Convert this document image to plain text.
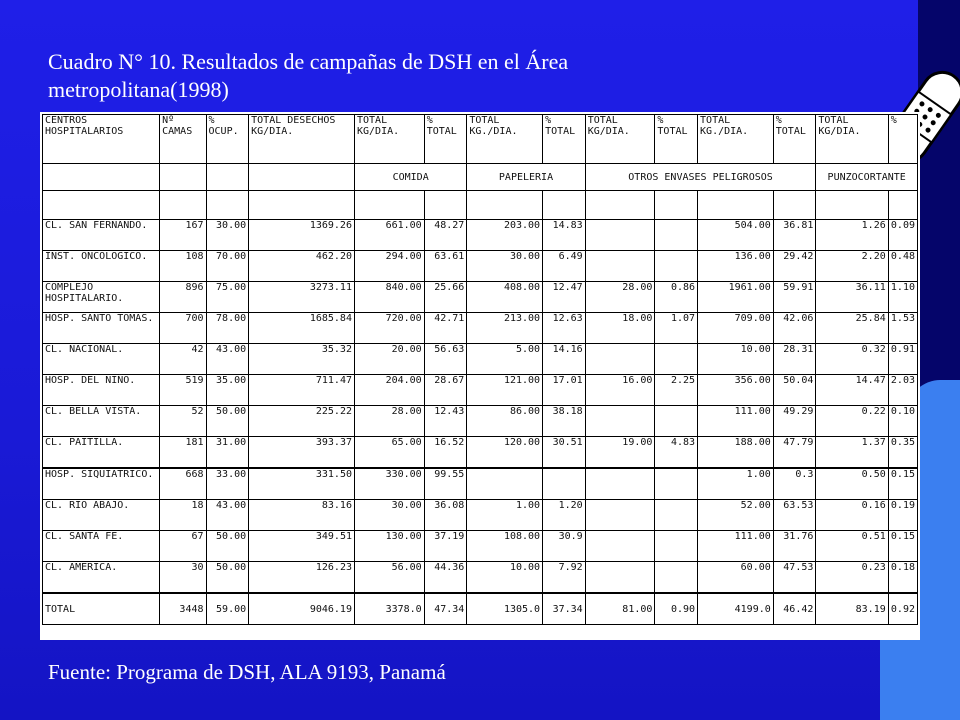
Cuadro N° 10. Resultados de campañas de DSH en el Área metropolitana(1998)
CENTROS HOSPITALARIOS	Nº CAMAS	% OCUP.	TOTAL DESECHOS KG/DIA.	TOTAL KG/DIA.	% TOTAL	TOTAL KG./DIA.	% TOTAL	TOTAL KG/DIA.	% TOTAL	TOTAL KG./DIA.	% TOTAL	TOTAL KG/DIA.	%
				COMIDA		PAPELERIA		OTROS ENVASES PELIGROSOS				PUNZOCORTANTE	

CL. SAN FERNANDO.	167	30.00	1369.26	661.00	48.27	203.00	14.83			504.00	36.81	1.26	0.09
INST. ONCOLOGICO.	108	70.00	462.20	294.00	63.61	30.00	6.49			136.00	29.42	2.20	0.48
COMPLEJO HOSPITALARIO.	896	75.00	3273.11	840.00	25.66	408.00	12.47	28.00	0.86	1961.00	59.91	36.11	1.10
HOSP. SANTO TOMAS.	700	78.00	1685.84	720.00	42.71	213.00	12.63	18.00	1.07	709.00	42.06	25.84	1.53
CL. NACIONAL.	42	43.00	35.32	20.00	56.63	5.00	14.16			10.00	28.31	0.32	0.91
HOSP. DEL NIÑO.	519	35.00	711.47	204.00	28.67	121.00	17.01	16.00	2.25	356.00	50.04	14.47	2.03
CL. BELLA VISTA.	52	50.00	225.22	28.00	12.43	86.00	38.18			111.00	49.29	0.22	0.10
CL. PAITILLA.	181	31.00	393.37	65.00	16.52	120.00	30.51	19.00	4.83	188.00	47.79	1.37	0.35
HOSP. SIQUIATRICO.	668	33.00	331.50	330.00	99.55					1.00	0.3	0.50	0.15
CL. RIO ABAJO.	18	43.00	83.16	30.00	36.08	1.00	1.20			52.00	63.53	0.16	0.19
CL. SANTA FE.	67	50.00	349.51	130.00	37.19	108.00	30.9			111.00	31.76	0.51	0.15
CL. AMERICA.	30	50.00	126.23	56.00	44.36	10.00	7.92			60.00	47.53	0.23	0.18
TOTAL	3448	59.00	9046.19	3378.0	47.34	1305.0	37.34	81.00	0.90	4199.0	46.42	83.19	0.92
Fuente: Programa de DSH, ALA 9193, Panamá
